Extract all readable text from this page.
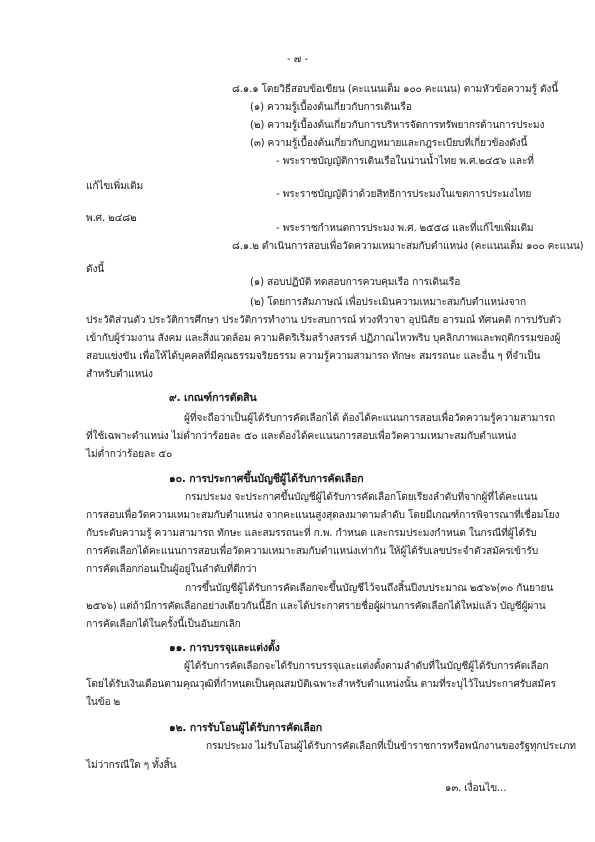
- ๗ -
๘.๑.๑ โดยวิธีสอบข้อเขียน (คะแนนเต็ม ๑๐๐ คะแนน) ตามหัวข้อความรู้ ดังนี้
(๑) ความรู้เบื้องต้นเกี่ยวกับการเดินเรือ
(๒) ความรู้เบื้องต้นเกี่ยวกับการบริหารจัดการทรัพยากรด้านการประมง
(๓) ความรู้เบื้องต้นเกี่ยวกับกฎหมายและกฎระเบียบที่เกี่ยวข้องดังนี้
- พระราชบัญญัติการเดินเรือในน่านน้ำไทย พ.ศ.๒๔๕๖ และที่
แก้ไขเพิ่มเติม
- พระราชบัญญัติว่าด้วยสิทธิการประมงในเขตการประมงไทย
พ.ศ. ๒๔๘๒
- พระราชกำหนดการประมง พ.ศ. ๒๕๕๘ และที่แก้ไขเพิ่มเติม
๘.๑.๒ ดำเนินการสอบเพื่อวัดความเหมาะสมกับตำแหน่ง (คะแนนเต็ม ๑๐๐ คะแนน)
ดังนี้
(๑) สอบปฏิบัติ ทดสอบการควบคุมเรือ การเดินเรือ
(๒) โดยการสัมภาษณ์ เพื่อประเมินความเหมาะสมกับตำแหน่งจาก
ประวัติส่วนตัว ประวัติการศึกษา ประวัติการทำงาน ประสบการณ์ ท่วงทีวาจา อุปนิสัย อารมณ์ ทัศนคติ การปรับตัว
เข้ากับผู้ร่วมงาน สังคม และสิ่งแวดล้อม ความคิดริเริ่มสร้างสรรค์ ปฏิภาณไหวพริบ บุคลิกภาพและพฤติกรรมของผู้
สอบแข่งขัน เพื่อให้ได้บุคคลที่มีคุณธรรมจริยธรรม ความรู้ความสามารถ ทักษะ สมรรถนะ และอื่น ๆ ที่จำเป็น
สำหรับตำแหน่ง
๙. เกณฑ์การตัดสิน
ผู้ที่จะถือว่าเป็นผู้ได้รับการคัดเลือกได้ ต้องได้คะแนนการสอบเพื่อวัดความรู้ความสามารถ
ที่ใช้เฉพาะตำแหน่ง ไม่ต่ำกว่าร้อยละ ๕๐ และต้องได้คะแนนการสอบเพื่อวัดความเหมาะสมกับตำแหน่ง
ไม่ต่ำกว่าร้อยละ ๕๐
๑๐. การประกาศขึ้นบัญชีผู้ได้รับการคัดเลือก
กรมประมง จะประกาศขึ้นบัญชีผู้ได้รับการคัดเลือกโดยเรียงลำดับที่จากผู้ที่ได้คะแนน
การสอบเพื่อวัดความเหมาะสมกับตำแหน่ง จากคะแนนสูงสุดลงมาตามลำดับ โดยมีเกณฑ์การพิจารณาที่เชื่อมโยง
กับระดับความรู้ ความสามารถ ทักษะ และสมรรถนะที่ ก.พ. กำหนด และกรมประมงกำหนด ในกรณีที่ผู้ได้รับ
การคัดเลือกได้คะแนนการสอบเพื่อวัดความเหมาะสมกับตำแหน่งเท่ากัน ให้ผู้ได้รับเลขประจำตัวสมัครเข้ารับ
การคัดเลือกก่อนเป็นผู้อยู่ในลำดับที่ดีกว่า
การขึ้นบัญชีผู้ได้รับการคัดเลือกจะขึ้นบัญชีไว้จนถึงสิ้นปีงบประมาณ ๒๕๖๖(๓๐ กันยายน
๒๕๖๖) แต่ถ้ามีการคัดเลือกอย่างเดียวกันนี้อีก และได้ประกาศรายชื่อผู้ผ่านการคัดเลือกได้ใหม่แล้ว บัญชีผู้ผ่าน
การคัดเลือกได้ในครั้งนี้เป็นอันยกเลิก
๑๑. การบรรจุและแต่งตั้ง
ผู้ได้รับการคัดเลือกจะได้รับการบรรจุและแต่งตั้งตามลำดับที่ในบัญชีผู้ได้รับการคัดเลือก
โดยได้รับเงินเดือนตามคุณวุฒิที่กำหนดเป็นคุณสมบัติเฉพาะสำหรับตำแหน่งนั้น ตามที่ระบุไว้ในประกาศรับสมัคร
ในข้อ ๒
๑๒. การรับโอนผู้ได้รับการคัดเลือก
กรมประมง ไม่รับโอนผู้ได้รับการคัดเลือกที่เป็นข้าราชการหรือพนักงานของรัฐทุกประเภท
ไม่ว่ากรณีใด ๆ ทั้งสิ้น
๑๓. เงื่อนไข...
